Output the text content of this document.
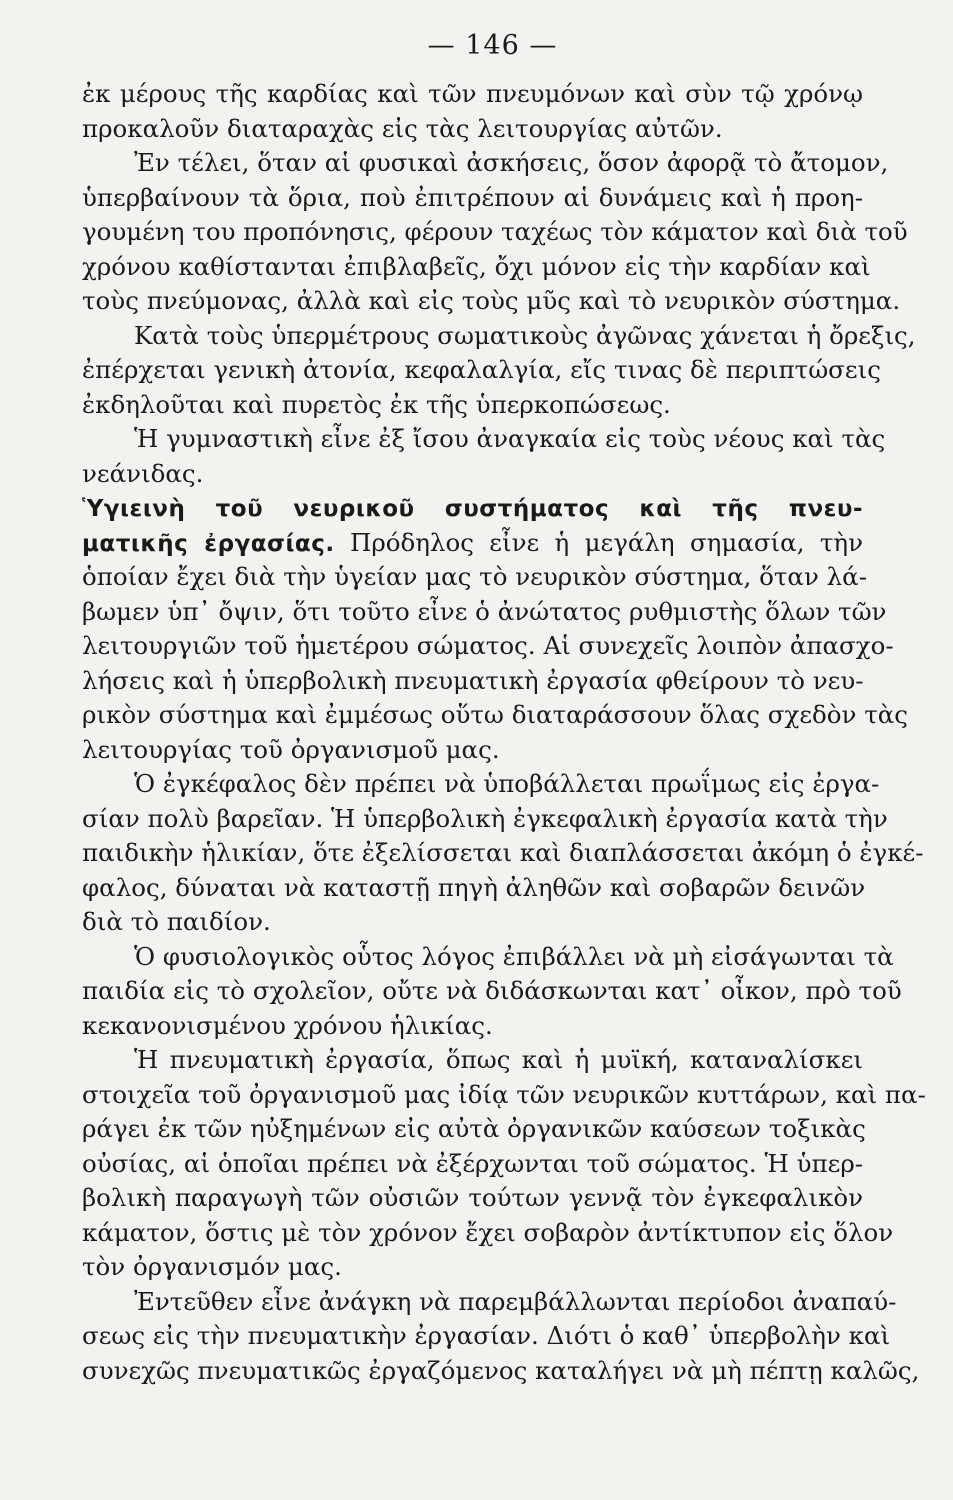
— 146 —
ἐκ μέρους τῆς καρδίας καὶ τῶν πνευμόνων καὶ σὺν τῷ χρόνῳ
προκαλοῦν διαταραχὰς εἰς τὰς λειτουργίας αὐτῶν.
Ἐν τέλει, ὅταν αἱ φυσικαὶ ἀσκήσεις, ὅσον ἀφορᾷ τὸ ἄτομον,
ὑπερβαίνουν τὰ ὅρια, ποὺ ἐπιτρέπουν αἱ δυνάμεις καὶ ἡ προη-
γουμένη του προπόνησις, φέρουν ταχέως τὸν κάματον καὶ διὰ τοῦ
χρόνου καθίστανται ἐπιβλαβεῖς, ὄχι μόνον εἰς τὴν καρδίαν καὶ
τοὺς πνεύμονας, ἀλλὰ καὶ εἰς τοὺς μῦς καὶ τὸ νευρικὸν σύστημα.
Κατὰ τοὺς ὑπερμέτρους σωματικοὺς ἀγῶνας χάνεται ἡ ὄρεξις,
ἐπέρχεται γενικὴ ἀτονία, κεφαλαλγία, εἴς τινας δὲ περιπτώσεις
ἐκδηλοῦται καὶ πυρετὸς ἐκ τῆς ὑπερκοπώσεως.
Ἡ γυμναστικὴ εἶνε ἐξ ἴσου ἀναγκαία εἰς τοὺς νέους καὶ τὰς
νεάνιδας.
Ὑγιεινὴ τοῦ νευρικοῦ συστήματος καὶ τῆς πνευ-
ματικῆς ἐργασίας. Πρόδηλος εἶνε ἡ μεγάλη σημασία, τὴν
ὁποίαν ἔχει διὰ τὴν ὑγείαν μας τὸ νευρικὸν σύστημα, ὅταν λά-
βωμεν ὑπ᾽ ὄψιν, ὅτι τοῦτο εἶνε ὁ ἀνώτατος ρυθμιστὴς ὅλων τῶν
λειτουργιῶν τοῦ ἡμετέρου σώματος. Αἱ συνεχεῖς λοιπὸν ἀπασχο-
λήσεις καὶ ἡ ὑπερβολικὴ πνευματικὴ ἐργασία φθείρουν τὸ νευ-
ρικὸν σύστημα καὶ ἐμμέσως οὕτω διαταράσσουν ὅλας σχεδὸν τὰς
λειτουργίας τοῦ ὀργανισμοῦ μας.
Ὁ ἐγκέφαλος δὲν πρέπει νὰ ὑποβάλλεται πρωΐμως εἰς ἐργα-
σίαν πολὺ βαρεῖαν. Ἡ ὑπερβολικὴ ἐγκεφαλικὴ ἐργασία κατὰ τὴν
παιδικὴν ἡλικίαν, ὅτε ἐξελίσσεται καὶ διαπλάσσεται ἀκόμη ὁ ἐγκέ-
φαλος, δύναται νὰ καταστῇ πηγὴ ἀληθῶν καὶ σοβαρῶν δεινῶν
διὰ τὸ παιδίον.
Ὁ φυσιολογικὸς οὗτος λόγος ἐπιβάλλει νὰ μὴ εἰσάγωνται τὰ
παιδία εἰς τὸ σχολεῖον, οὔτε νὰ διδάσκωνται κατ᾽ οἶκον, πρὸ τοῦ
κεκανονισμένου χρόνου ἡλικίας.
Ἡ πνευματικὴ ἐργασία, ὅπως καὶ ἡ μυϊκή, καταναλίσκει
στοιχεῖα τοῦ ὀργανισμοῦ μας ἰδίᾳ τῶν νευρικῶν κυττάρων, καὶ πα-
ράγει ἐκ τῶν ηὐξημένων εἰς αὐτὰ ὀργανικῶν καύσεων τοξικὰς
οὐσίας, αἱ ὁποῖαι πρέπει νὰ ἐξέρχωνται τοῦ σώματος. Ἡ ὑπερ-
βολικὴ παραγωγὴ τῶν οὐσιῶν τούτων γεννᾷ τὸν ἐγκεφαλικὸν
κάματον, ὅστις μὲ τὸν χρόνον ἔχει σοβαρὸν ἀντίκτυπον εἰς ὅλον
τὸν ὀργανισμόν μας.
Ἐντεῦθεν εἶνε ἀνάγκη νὰ παρεμβάλλωνται περίοδοι ἀναπαύ-
σεως εἰς τὴν πνευματικὴν ἐργασίαν. Διότι ὁ καθ᾽ ὑπερβολὴν καὶ
συνεχῶς πνευματικῶς ἐργαζόμενος καταλήγει νὰ μὴ πέπτῃ καλῶς,
